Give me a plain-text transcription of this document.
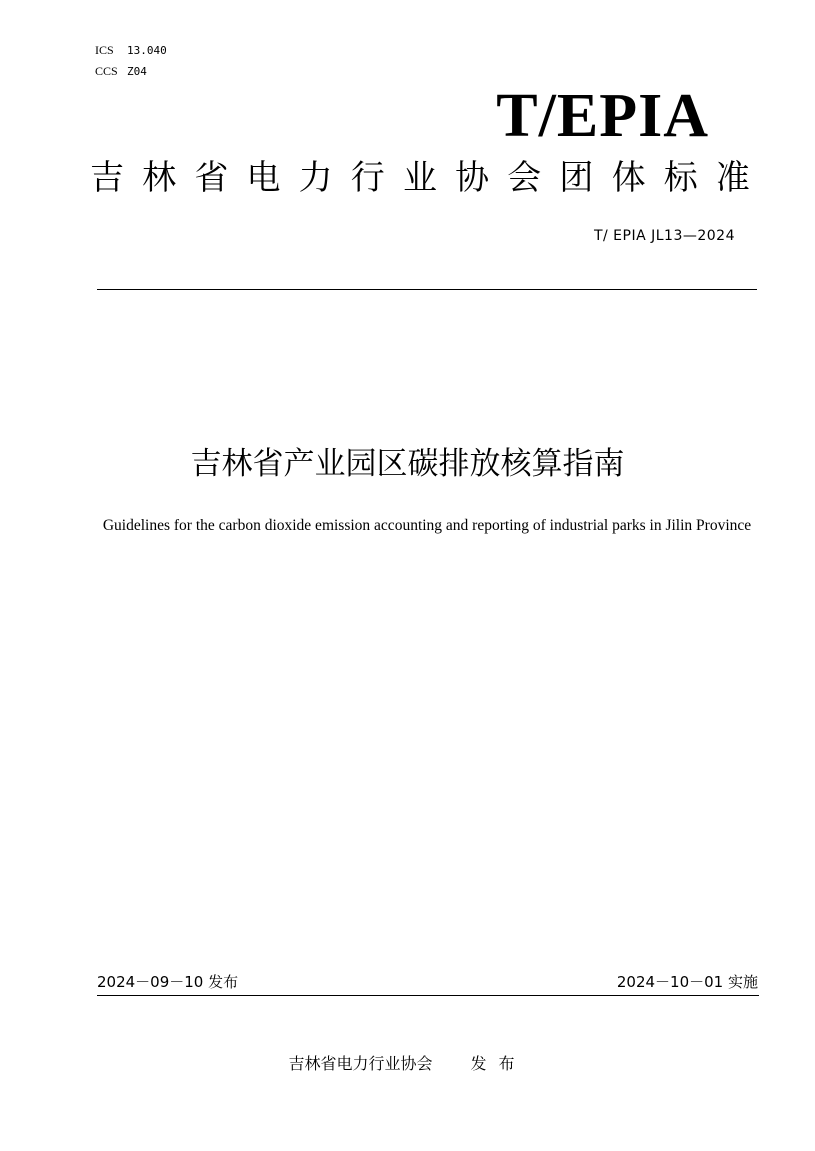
ICS	13.040
CCS Z04
T/EPIA
吉 林 省 电 力 行 业 协 会 团 体 标 准
T/ EPIA JL13—2024
吉林省产业园区碳排放核算指南
Guidelines for the carbon dioxide emission accounting and reporting of industrial parks in Jilin Province
2024－09－10 发布	2024－10－01 实施
吉林省电力行业协会 发布
